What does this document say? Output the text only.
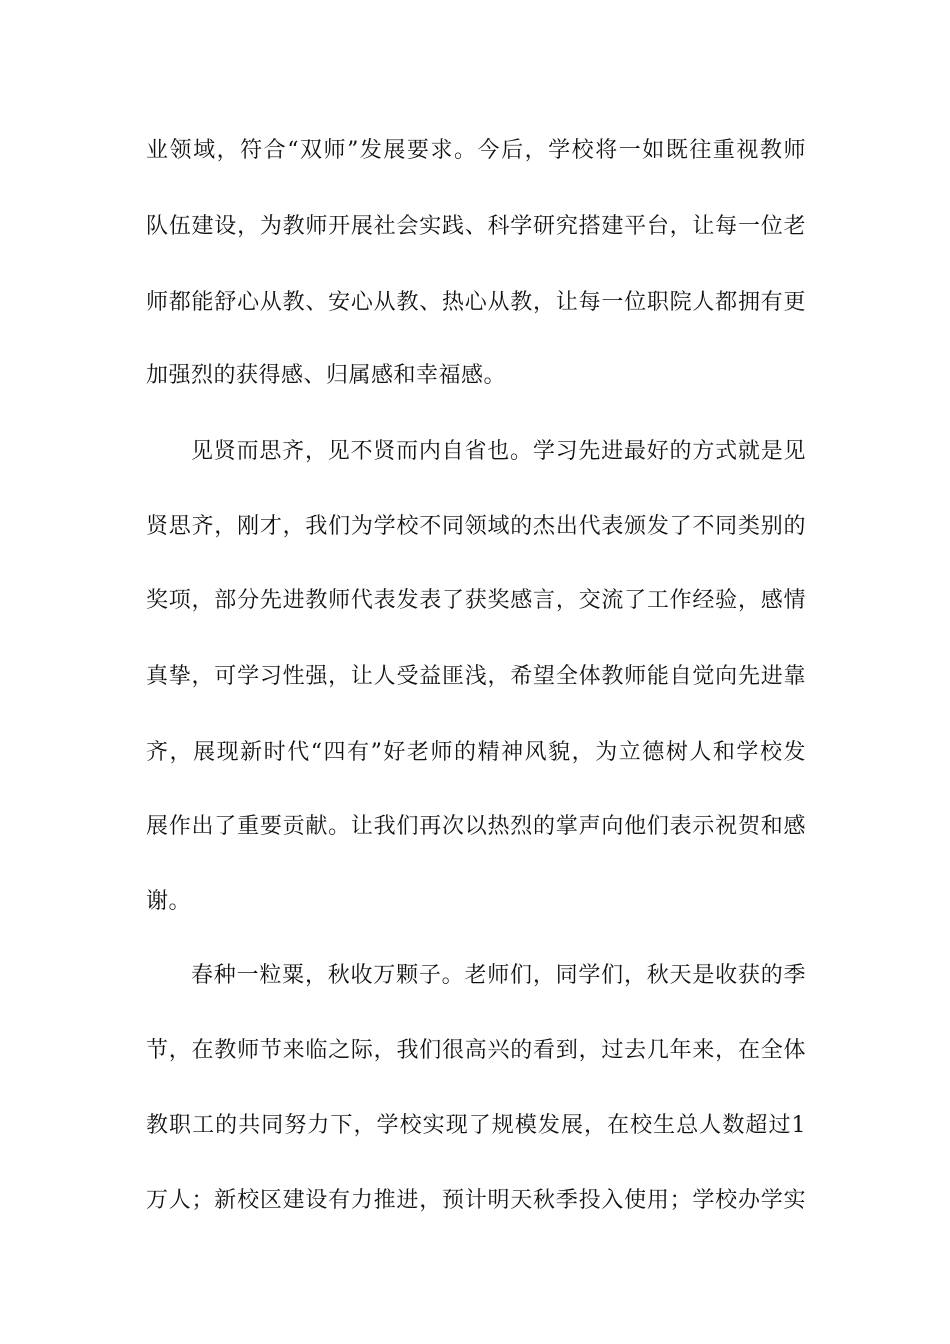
业领域，符合“双师”发展要求。今后，学校将一如既往重视教师
队伍建设，为教师开展社会实践、科学研究搭建平台，让每一位老
师都能舒心从教、安心从教、热心从教，让每一位职院人都拥有更
加强烈的获得感、归属感和幸福感。
见贤而思齐，见不贤而内自省也。学习先进最好的方式就是见
贤思齐，刚才，我们为学校不同领域的杰出代表颁发了不同类别的
奖项，部分先进教师代表发表了获奖感言，交流了工作经验，感情
真挚，可学习性强，让人受益匪浅，希望全体教师能自觉向先进靠
齐，展现新时代“四有”好老师的精神风貌，为立德树人和学校发
展作出了重要贡献。让我们再次以热烈的掌声向他们表示祝贺和感
谢。
春种一粒粟，秋收万颗子。老师们，同学们，秋天是收获的季
节，在教师节来临之际，我们很高兴的看到，过去几年来，在全体
教职工的共同努力下，学校实现了规模发展，在校生总人数超过1
万人；新校区建设有力推进，预计明天秋季投入使用；学校办学实
